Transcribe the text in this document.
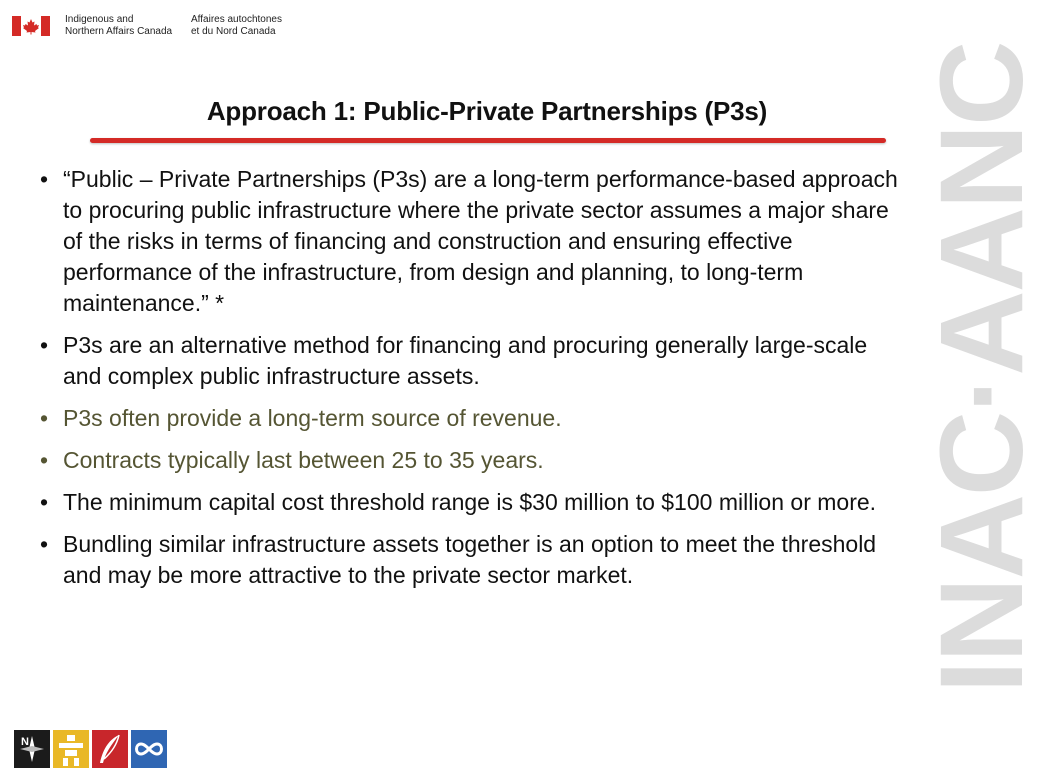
Indigenous and
Northern Affairs Canada
Affaires autochtones
et du Nord Canada
INAC·AANC
Approach 1: Public-Private Partnerships (P3s)
• “Public – Private Partnerships (P3s) are a long-term performance-based approach to procuring public infrastructure where the private sector assumes a major share of the risks in terms of financing and construction and ensuring effective performance of the infrastructure, from design and planning, to long-term maintenance.” *
• P3s are an alternative method for financing and procuring generally large-scale and complex public infrastructure assets.
• P3s often provide a long-term source of revenue.
• Contracts typically last between 25 to 35 years.
• The minimum capital cost threshold range is $30 million to $100 million or more.
• Bundling similar infrastructure assets together is an option to meet the threshold and may be more attractive to the private sector market.
N
